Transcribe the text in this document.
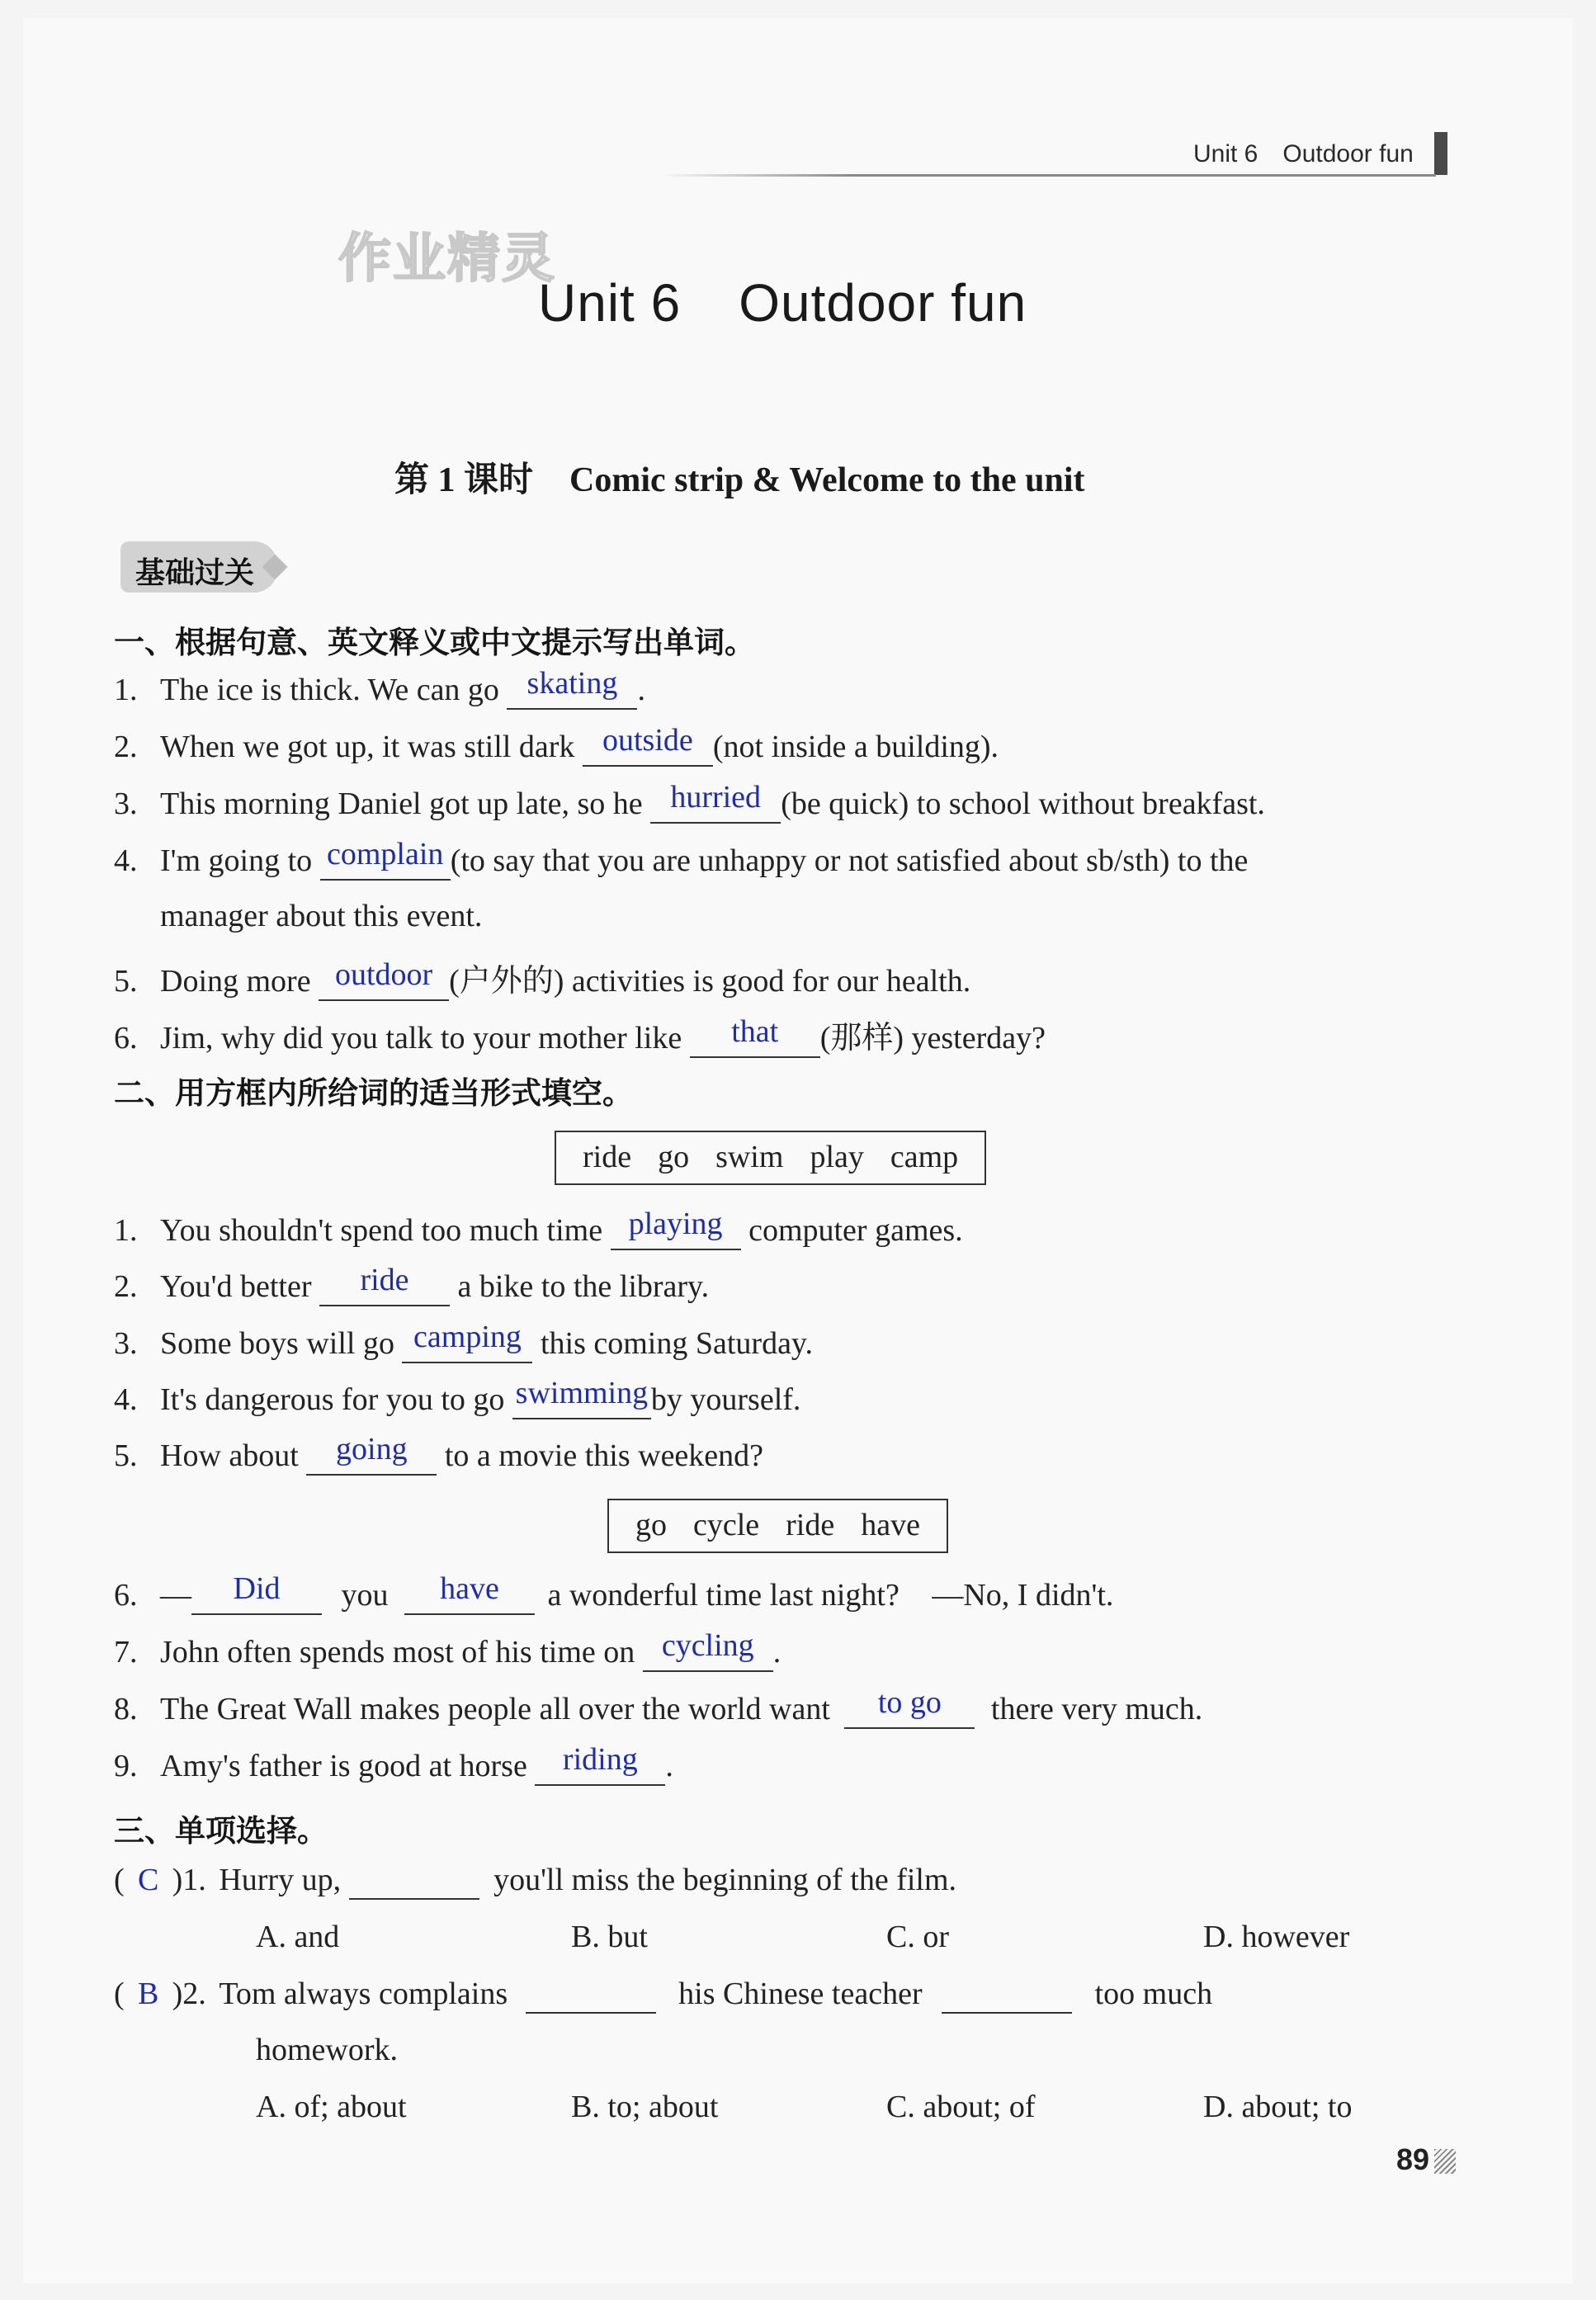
Unit 6 Outdoor fun
作业精灵
Unit 6 Outdoor fun
第 1 课时 Comic strip & Welcome to the unit
基础过关
一、根据句意、英文释义或中文提示写出单词。
1. The ice is thick. We can go skating .
2. When we got up, it was still dark outside (not inside a building).
3. This morning Daniel got up late, so he hurried (be quick) to school without breakfast.
4. I'm going to complain (to say that you are unhappy or not satisfied about sb/sth) to the
manager about this event.
5. Doing more outdoor (户外的) activities is good for our health.
6. Jim, why did you talk to your mother like that (那样) yesterday?
二、用方框内所给词的适当形式填空。
ride go swim play camp
1. You shouldn't spend too much time playing computer games.
2. You'd better ride a bike to the library.
3. Some boys will go camping this coming Saturday.
4. It's dangerous for you to go swimmingby yourself.
5. How about going to a movie this weekend?
go cycle ride have
6. — Did you have a wonderful time last night? —No, I didn't.
7. John often spends most of his time on cycling .
8. The Great Wall makes people all over the world want to go there very much.
9. Amy's father is good at horse riding .
三、单项选择。
( C )1. Hurry up,	you'll miss the beginning of the film.
A. and	B. but	C. or	D. however
( B )2. Tom always complains	his Chinese teacher	too much
homework.
A. of; about	B. to; about	C. about; of	D. about; to
89
